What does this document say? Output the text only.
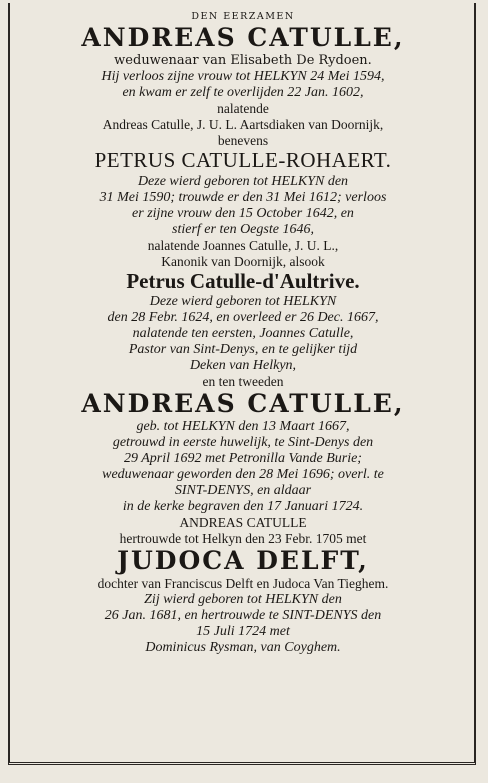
DEN EERZAMEN
ANDREAS CATULLE,
weduwenaar van Elisabeth De Rydoen.
Hij verloos zijne vrouw tot HELKYN 24 Mei 1594,
en kwam er zelf te overlijden 22 Jan. 1602,
nalatende
Andreas Catulle, J. U. L. Aartsdiaken van Doornijk,
benevens
PETRUS CATULLE-ROHAERT.
Deze wierd geboren tot HELKYN den
31 Mei 1590; trouwde er den 31 Mei 1612; verloos
er zijne vrouw den 15 October 1642, en
stierf er ten Oegste 1646,
nalatende Joannes Catulle, J. U. L.,
Kanonik van Doornijk, alsook
Petrus Catulle-d'Aultrive.
Deze wierd geboren tot HELKYN
den 28 Febr. 1624, en overleed er 26 Dec. 1667,
nalatende ten eersten, Joannes Catulle,
Pastor van Sint-Denys, en te gelijker tijd
Deken van Helkyn,
en ten tweeden
ANDREAS CATULLE,
geb. tot HELKYN den 13 Maart 1667,
getrouwd in eerste huwelijk, te Sint-Denys den
29 April 1692 met Petronilla Vande Burie;
weduwenaar geworden den 28 Mei 1696; overl. te
SINT-DENYS, en aldaar
in de kerke begraven den 17 Januari 1724.
ANDREAS CATULLE
hertrouwde tot Helkyn den 23 Febr. 1705 met
JUDOCA DELFT,
dochter van Franciscus Delft en Judoca Van Tieghem.
Zij wierd geboren tot HELKYN den
26 Jan. 1681, en hertrouwde te SINT-DENYS den
15 Juli 1724 met
Dominicus Rysman, van Coyghem.
